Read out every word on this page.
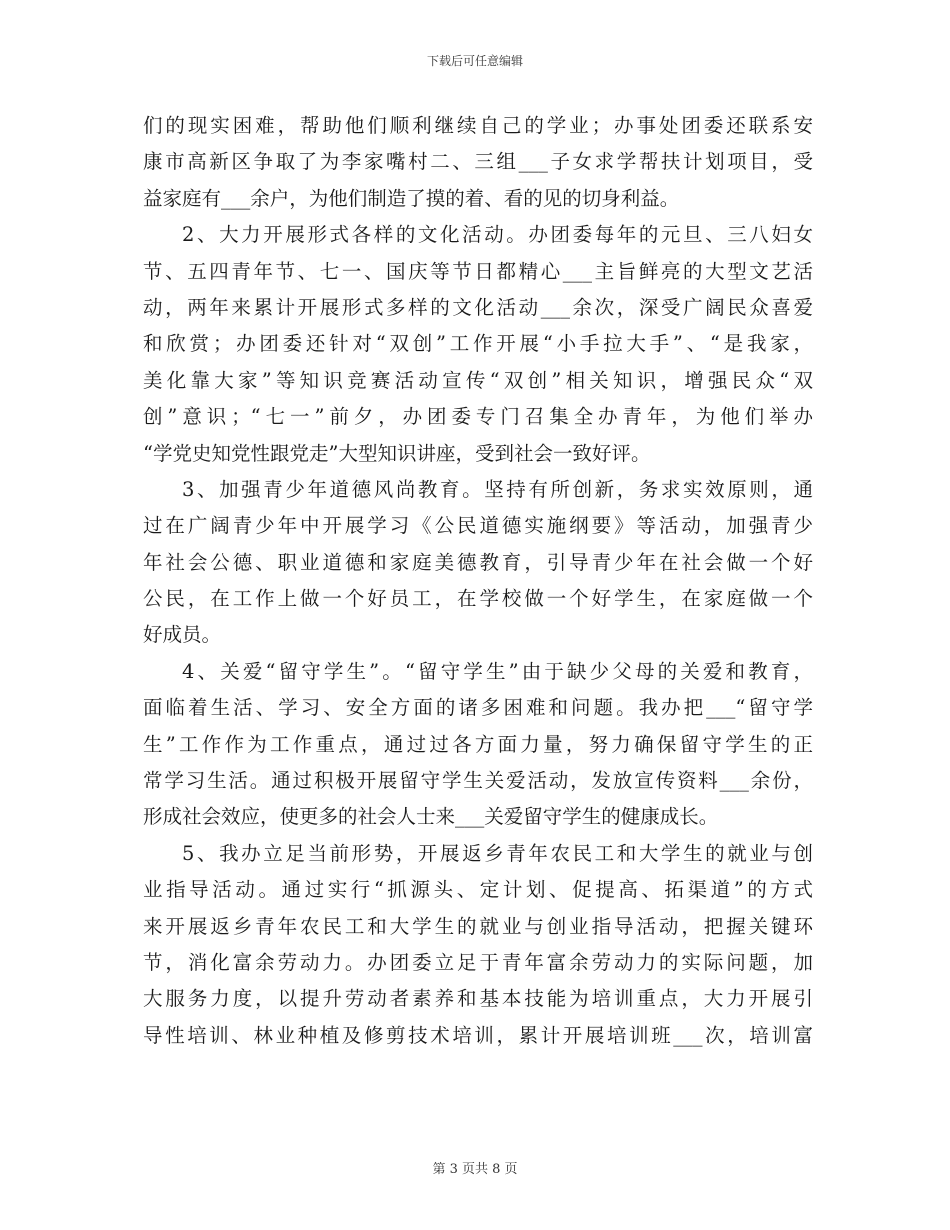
下载后可任意编辑
们的现实困难，帮助他们顺利继续自己的学业；办事处团委还联系安
康市高新区争取了为李家嘴村二、三组___子女求学帮扶计划项目，受
益家庭有___余户，为他们制造了摸的着、看的见的切身利益。
2、大力开展形式各样的文化活动。办团委每年的元旦、三八妇女
节、五四青年节、七一、国庆等节日都精心___主旨鲜亮的大型文艺活
动，两年来累计开展形式多样的文化活动___余次，深受广阔民众喜爱
和欣赏；办团委还针对“双创”工作开展“小手拉大手”、“是我家，
美化靠大家”等知识竞赛活动宣传“双创”相关知识，增强民众“双
创”意识；“七一”前夕，办团委专门召集全办青年，为他们举办
“学党史知党性跟党走”大型知识讲座，受到社会一致好评。
3、加强青少年道德风尚教育。坚持有所创新，务求实效原则，通
过在广阔青少年中开展学习《公民道德实施纲要》等活动，加强青少
年社会公德、职业道德和家庭美德教育，引导青少年在社会做一个好
公民，在工作上做一个好员工，在学校做一个好学生，在家庭做一个
好成员。
4、关爱“留守学生”。“留守学生”由于缺少父母的关爱和教育，
面临着生活、学习、安全方面的诸多困难和问题。我办把___“留守学
生”工作作为工作重点，通过过各方面力量，努力确保留守学生的正
常学习生活。通过积极开展留守学生关爱活动，发放宣传资料___余份，
形成社会效应，使更多的社会人士来___关爱留守学生的健康成长。
5、我办立足当前形势，开展返乡青年农民工和大学生的就业与创
业指导活动。通过实行“抓源头、定计划、促提高、拓渠道”的方式
来开展返乡青年农民工和大学生的就业与创业指导活动，把握关键环
节，消化富余劳动力。办团委立足于青年富余劳动力的实际问题，加
大服务力度，以提升劳动者素养和基本技能为培训重点，大力开展引
导性培训、林业种植及修剪技术培训，累计开展培训班___次，培训富
第 3 页共 8 页
